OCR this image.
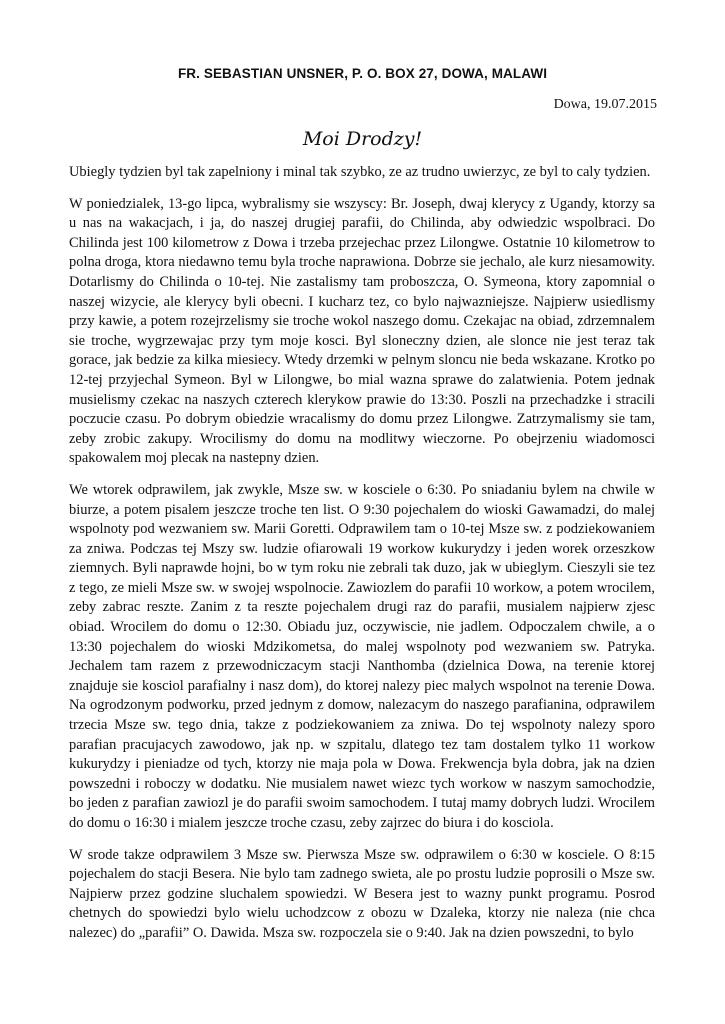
FR. SEBASTIAN UNSNER, P. O. BOX 27, DOWA, MALAWI
Dowa, 19.07.2015
Moi Drodzy!

Ubiegly tydzien byl tak zapelniony i minal tak szybko, ze az trudno uwierzyc, ze byl to caly tydzien.

W poniedzialek, 13-go lipca, wybralismy sie wszyscy: Br. Joseph, dwaj klerycy z Ugandy, ktorzy sa u nas na wakacjach, i ja, do naszej drugiej parafii, do Chilinda, aby odwiedzic wspolbraci. Do Chilinda jest 100 kilometrow z Dowa i trzeba przejechac przez Lilongwe. Ostatnie 10 kilometrow to polna droga, ktora niedawno temu byla troche naprawiona. Dobrze sie jechalo, ale kurz niesamowity. Dotarlismy do Chilinda o 10-tej. Nie zastalismy tam proboszcza, O. Symeona, ktory zapomnial o naszej wizycie, ale klerycy byli obecni. I kucharz tez, co bylo najwazniejsze. Najpierw usiedlismy przy kawie, a potem rozejrzelismy sie troche wokol naszego domu. Czekajac na obiad, zdrzemnalem sie troche, wygrzewajac przy tym moje kosci. Byl sloneczny dzien, ale slonce nie jest teraz tak gorace, jak bedzie za kilka miesiecy. Wtedy drzemki w pelnym sloncu nie beda wskazane. Krotko po 12-tej przyjechal Symeon. Byl w Lilongwe, bo mial wazna sprawe do zalatwienia. Potem jednak musielismy czekac na naszych czterech klerykow prawie do 13:30. Poszli na przechadzke i stracili poczucie czasu. Po dobrym obiedzie wracalismy do domu przez Lilongwe. Zatrzymalismy sie tam, zeby zrobic zakupy. Wrocilismy do domu na modlitwy wieczorne. Po obejrzeniu wiadomosci spakowalem moj plecak na nastepny dzien.

We wtorek odprawilem, jak zwykle, Msze sw. w kosciele o 6:30. Po sniadaniu bylem na chwile w biurze, a potem pisalem jeszcze troche ten list. O 9:30 pojechalem do wioski Gawamadzi, do malej wspolnoty pod wezwaniem sw. Marii Goretti. Odprawilem tam o 10-tej Msze sw. z podziekowaniem za zniwa. Podczas tej Mszy sw. ludzie ofiarowali 19 workow kukurydzy i jeden worek orzeszkow ziemnych. Byli naprawde hojni, bo w tym roku nie zebrali tak duzo, jak w ubieglym. Cieszyli sie tez z tego, ze mieli Msze sw. w swojej wspolnocie. Zawiozlem do parafii 10 workow, a potem wrocilem, zeby zabrac reszte. Zanim z ta reszte pojechalem drugi raz do parafii, musialem najpierw zjesc obiad. Wrocilem do domu o 12:30. Obiadu juz, oczywiscie, nie jadlem. Odpoczalem chwile, a o 13:30 pojechalem do wioski Mdzikometsa, do malej wspolnoty pod wezwaniem sw. Patryka. Jechalem tam razem z przewodniczacym stacji Nanthomba (dzielnica Dowa, na terenie ktorej znajduje sie kosciol parafialny i nasz dom), do ktorej nalezy piec malych wspolnot na terenie Dowa. Na ogrodzonym podworku, przed jednym z domow, nalezacym do naszego parafianina, odprawilem trzecia Msze sw. tego dnia, takze z podziekowaniem za zniwa. Do tej wspolnoty nalezy sporo parafian pracujacych zawodowo, jak np. w szpitalu, dlatego tez tam dostalem tylko 11 workow kukurydzy i pieniadze od tych, ktorzy nie maja pola w Dowa. Frekwencja byla dobra, jak na dzien powszedni i roboczy w dodatku. Nie musialem nawet wiezc tych workow w naszym samochodzie, bo jeden z parafian zawiozl je do parafii swoim samochodem. I tutaj mamy dobrych ludzi. Wrocilem do domu o 16:30 i mialem jeszcze troche czasu, zeby zajrzec do biura i do kosciola.

W srode takze odprawilem 3 Msze sw. Pierwsza Msze sw. odprawilem o 6:30 w kosciele. O 8:15 pojechalem do stacji Besera. Nie bylo tam zadnego swieta, ale po prostu ludzie poprosili o Msze sw. Najpierw przez godzine sluchalem spowiedzi. W Besera jest to wazny punkt programu. Posrod chetnych do spowiedzi bylo wielu uchodzcow z obozu w Dzaleka, ktorzy nie naleza (nie chca nalezec) do „parafii” O. Dawida. Msza sw. rozpoczela sie o 9:40. Jak na dzien powszedni, to bylo
